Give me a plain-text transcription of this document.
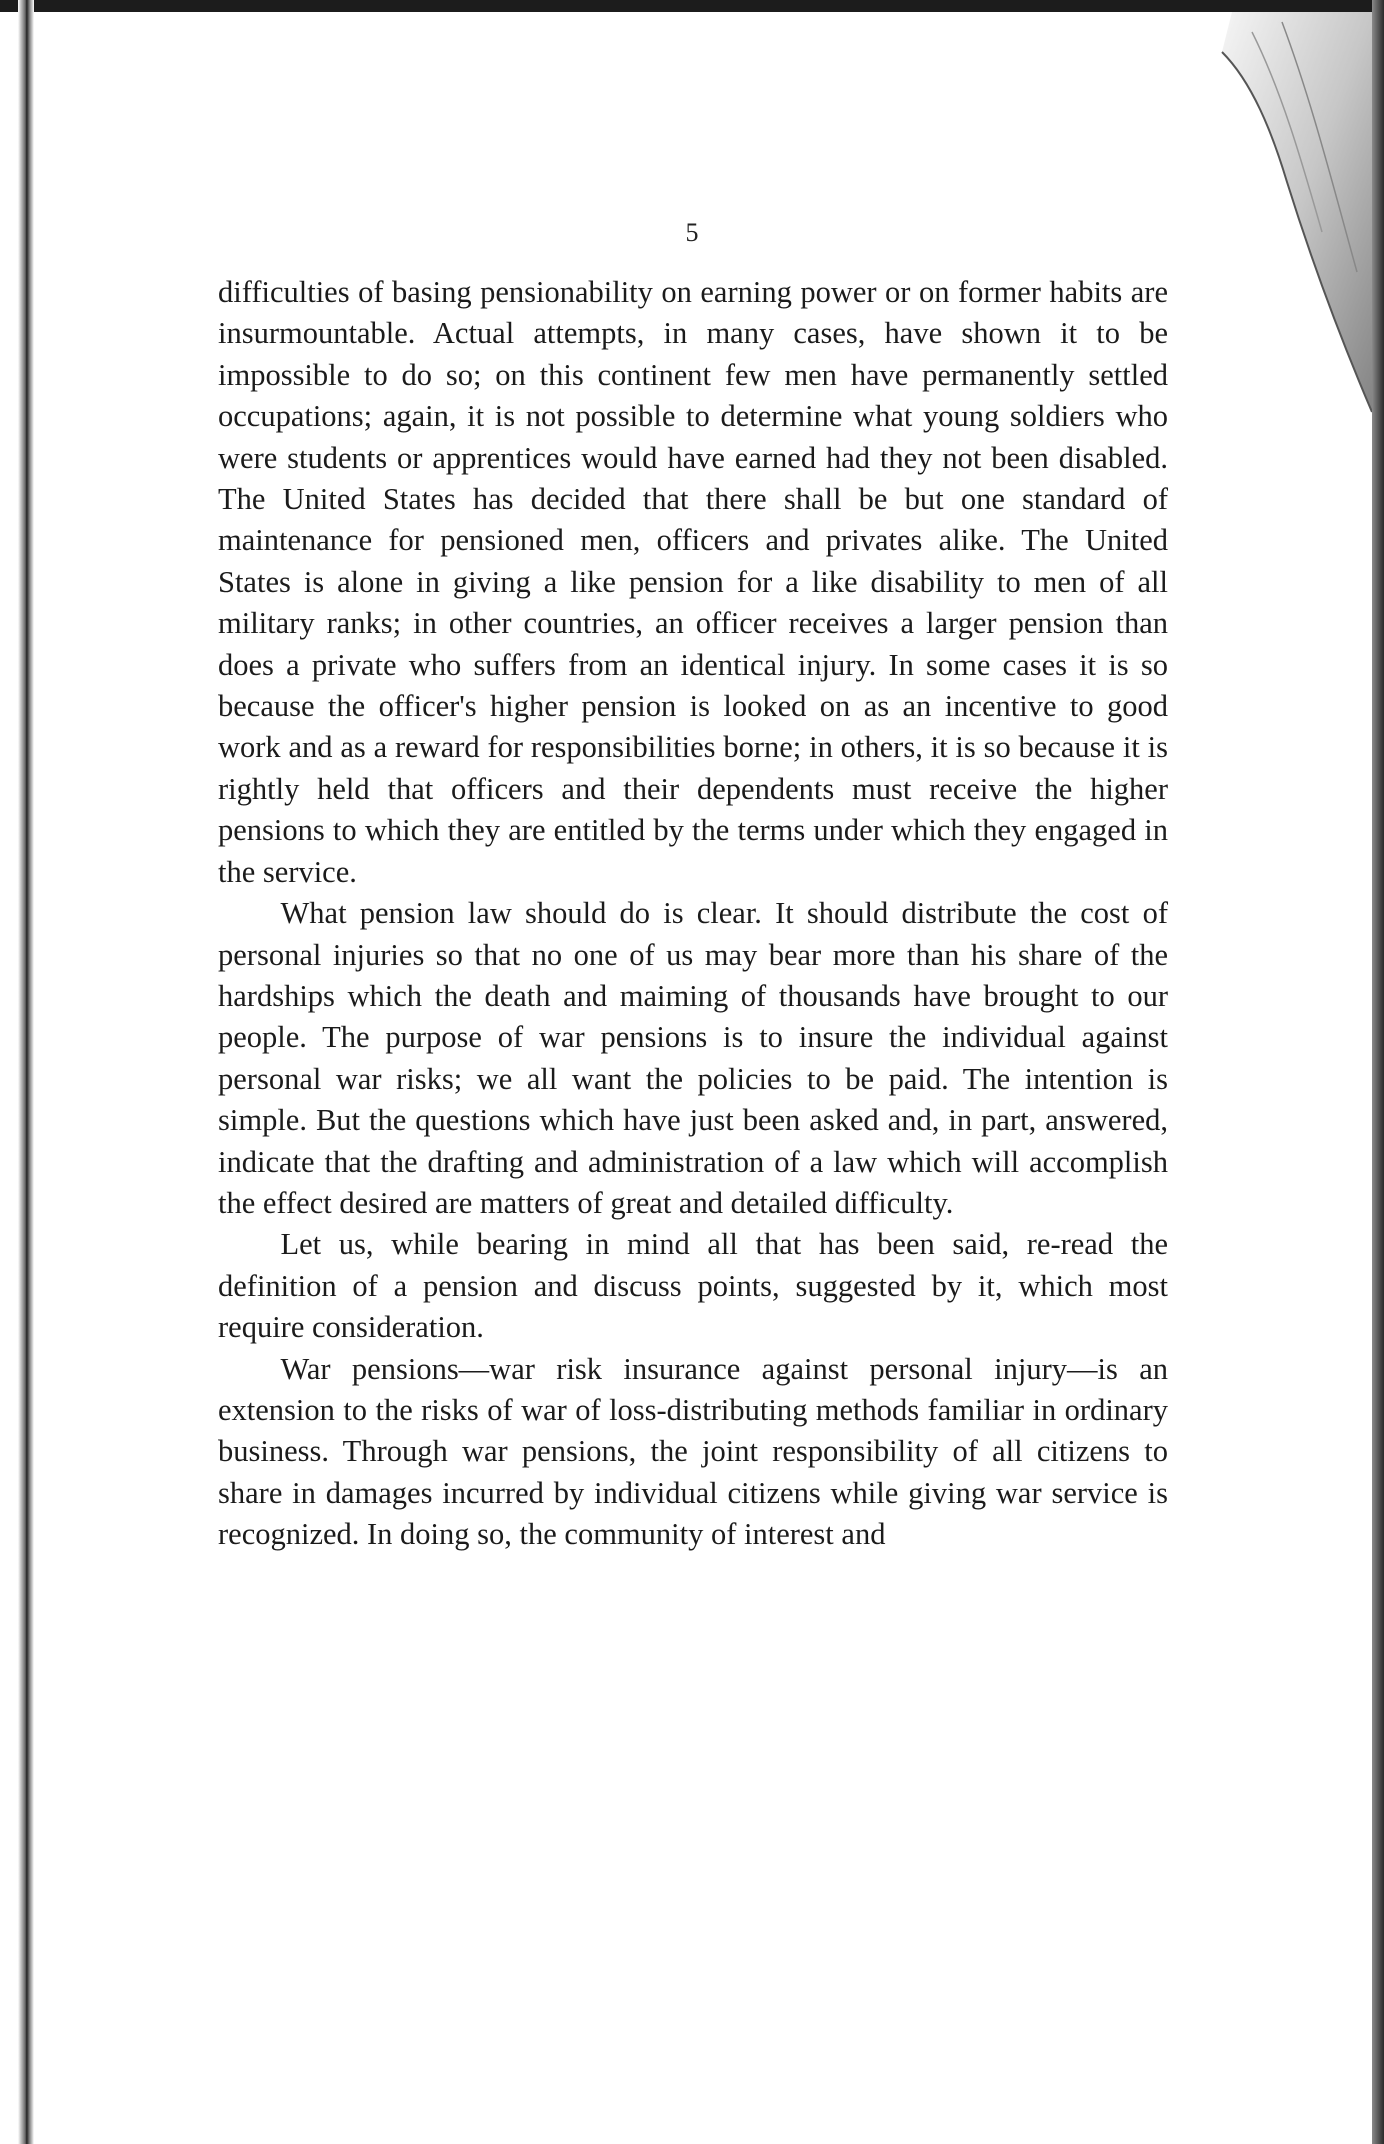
5

difficulties of basing pensionability on earning power or on former habits are insurmountable. Actual attempts, in many cases, have shown it to be impossible to do so; on this continent few men have permanently settled occupations; again, it is not possible to determine what young soldiers who were students or apprentices would have earned had they not been disabled. The United States has decided that there shall be but one standard of maintenance for pensioned men, officers and privates alike. The United States is alone in giving a like pension for a like disability to men of all military ranks; in other countries, an officer receives a larger pension than does a private who suffers from an identical injury. In some cases it is so because the officer's higher pension is looked on as an incentive to good work and as a reward for responsibilities borne; in others, it is so because it is rightly held that officers and their dependents must receive the higher pensions to which they are entitled by the terms under which they engaged in the service.

What pension law should do is clear. It should distribute the cost of personal injuries so that no one of us may bear more than his share of the hardships which the death and maiming of thousands have brought to our people. The purpose of war pensions is to insure the individual against personal war risks; we all want the policies to be paid. The intention is simple. But the questions which have just been asked and, in part, answered, indicate that the drafting and administration of a law which will accomplish the effect desired are matters of great and detailed difficulty.

Let us, while bearing in mind all that has been said, re-read the definition of a pension and discuss points, suggested by it, which most require consideration.

War pensions—war risk insurance against personal injury—is an extension to the risks of war of loss-distributing methods familiar in ordinary business. Through war pensions, the joint responsibility of all citizens to share in damages incurred by individual citizens while giving war service is recognized. In doing so, the community of interest and
